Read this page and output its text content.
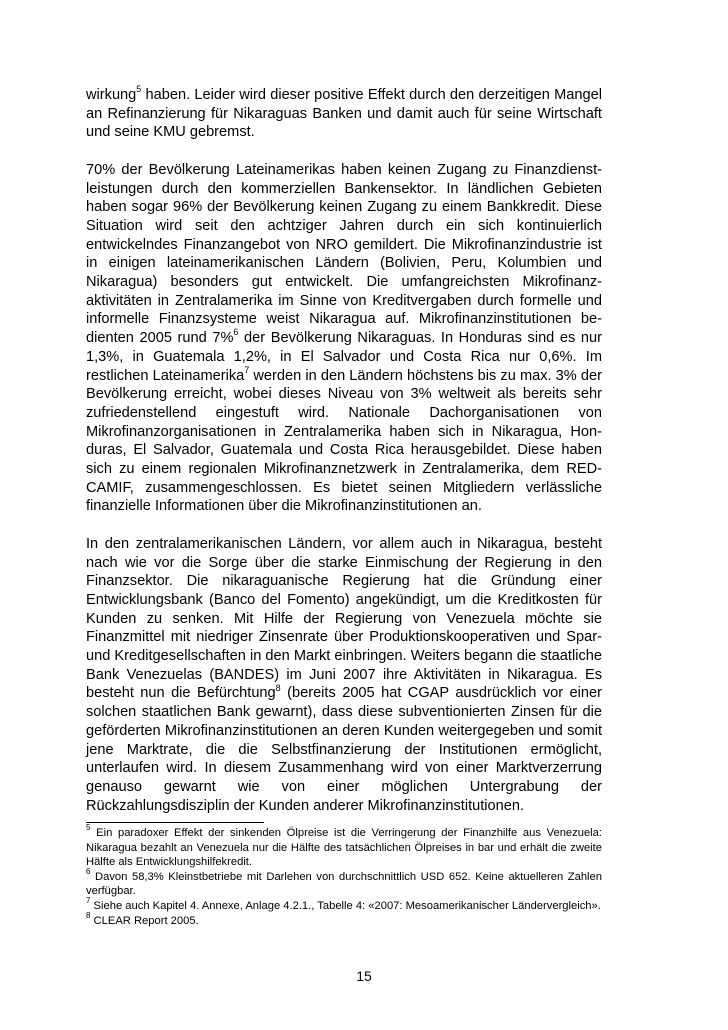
wirkung$^5$ haben. Leider wird dieser positive Effekt durch den derzeitigen Mangel an Refinanzierung für Nikaraguas Banken und damit auch für seine Wirtschaft und seine KMU gebremst.

70% der Bevölkerung Lateinamerikas haben keinen Zugang zu Finanzdienstleistungen durch den kommerziellen Bankensektor. In ländlichen Gebieten haben sogar 96% der Bevölkerung keinen Zugang zu einem Bankkredit. Diese Situation wird seit den achtziger Jahren durch ein sich kontinuierlich entwickelndes Finanzangebot von NRO gemildert. Die Mikrofinanzindustrie ist in einigen lateinamerikanischen Ländern (Bolivien, Peru, Kolumbien und Nikaragua) besonders gut entwickelt. Die umfangreichsten Mikrofinanzaktivitäten in Zentralamerika im Sinne von Kreditvergaben durch formelle und informelle Finanzsysteme weist Nikaragua auf. Mikrofinanzinstitutionen bedienten 2005 rund 7%$^6$ der Bevölkerung Nikaraguas. In Honduras sind es nur 1,3%, in Guatemala 1,2%, in El Salvador und Costa Rica nur 0,6%. Im restlichen Lateinamerika$^7$ werden in den Ländern höchstens bis zu max. 3% der Bevölkerung erreicht, wobei dieses Niveau von 3% weltweit als bereits sehr zufriedenstellend eingestuft wird. Nationale Dachorganisationen von Mikrofinanzorganisationen in Zentralamerika haben sich in Nikaragua, Honduras, El Salvador, Guatemala und Costa Rica herausgebildet. Diese haben sich zu einem regionalen Mikrofinanznetzwerk in Zentralamerika, dem RED-CAMIF, zusammengeschlossen. Es bietet seinen Mitgliedern verlässliche finanzielle Informationen über die Mikrofinanzinstitutionen an.

In den zentralamerikanischen Ländern, vor allem auch in Nikaragua, besteht nach wie vor die Sorge über die starke Einmischung der Regierung in den Finanzsektor. Die nikaraguanische Regierung hat die Gründung einer Entwicklungsbank (Banco del Fomento) angekündigt, um die Kreditkosten für Kunden zu senken. Mit Hilfe der Regierung von Venezuela möchte sie Finanzmittel mit niedriger Zinsenrate über Produktionskooperativen und Spar- und Kreditgesellschaften in den Markt einbringen. Weiters begann die staatliche Bank Venezuelas (BANDES) im Juni 2007 ihre Aktivitäten in Nikaragua. Es besteht nun die Befürchtung$^8$ (bereits 2005 hat CGAP ausdrücklich vor einer solchen staatlichen Bank gewarnt), dass diese subventionierten Zinsen für die geförderten Mikrofinanzinstitutionen an deren Kunden weitergegeben und somit jene Marktrate, die die Selbstfinanzierung der Institutionen ermöglicht, unterlaufen wird. In diesem Zusammenhang wird von einer Marktverzerrung genauso gewarnt wie von einer möglichen Untergrabung der Rückzahlungsdisziplin der Kunden anderer Mikrofinanzinstitutionen.

$^5$ Ein paradoxer Effekt der sinkenden Ölpreise ist die Verringerung der Finanzhilfe aus Venezuela: Nikaragua bezahlt an Venezuela nur die Hälfte des tatsächlichen Ölpreises in bar und erhält die zweite Hälfte als Entwicklungshilfekredit.

$^6$ Davon 58,3% Kleinstbetriebe mit Darlehen von durchschnittlich USD 652. Keine aktuelleren Zahlen verfügbar.

$^7$ Siehe auch Kapitel 4. Annexe, Anlage 4.2.1., Tabelle 4: «2007: Mesoamerikanischer Ländervergleich».

$^8$ CLEAR Report 2005.

15
